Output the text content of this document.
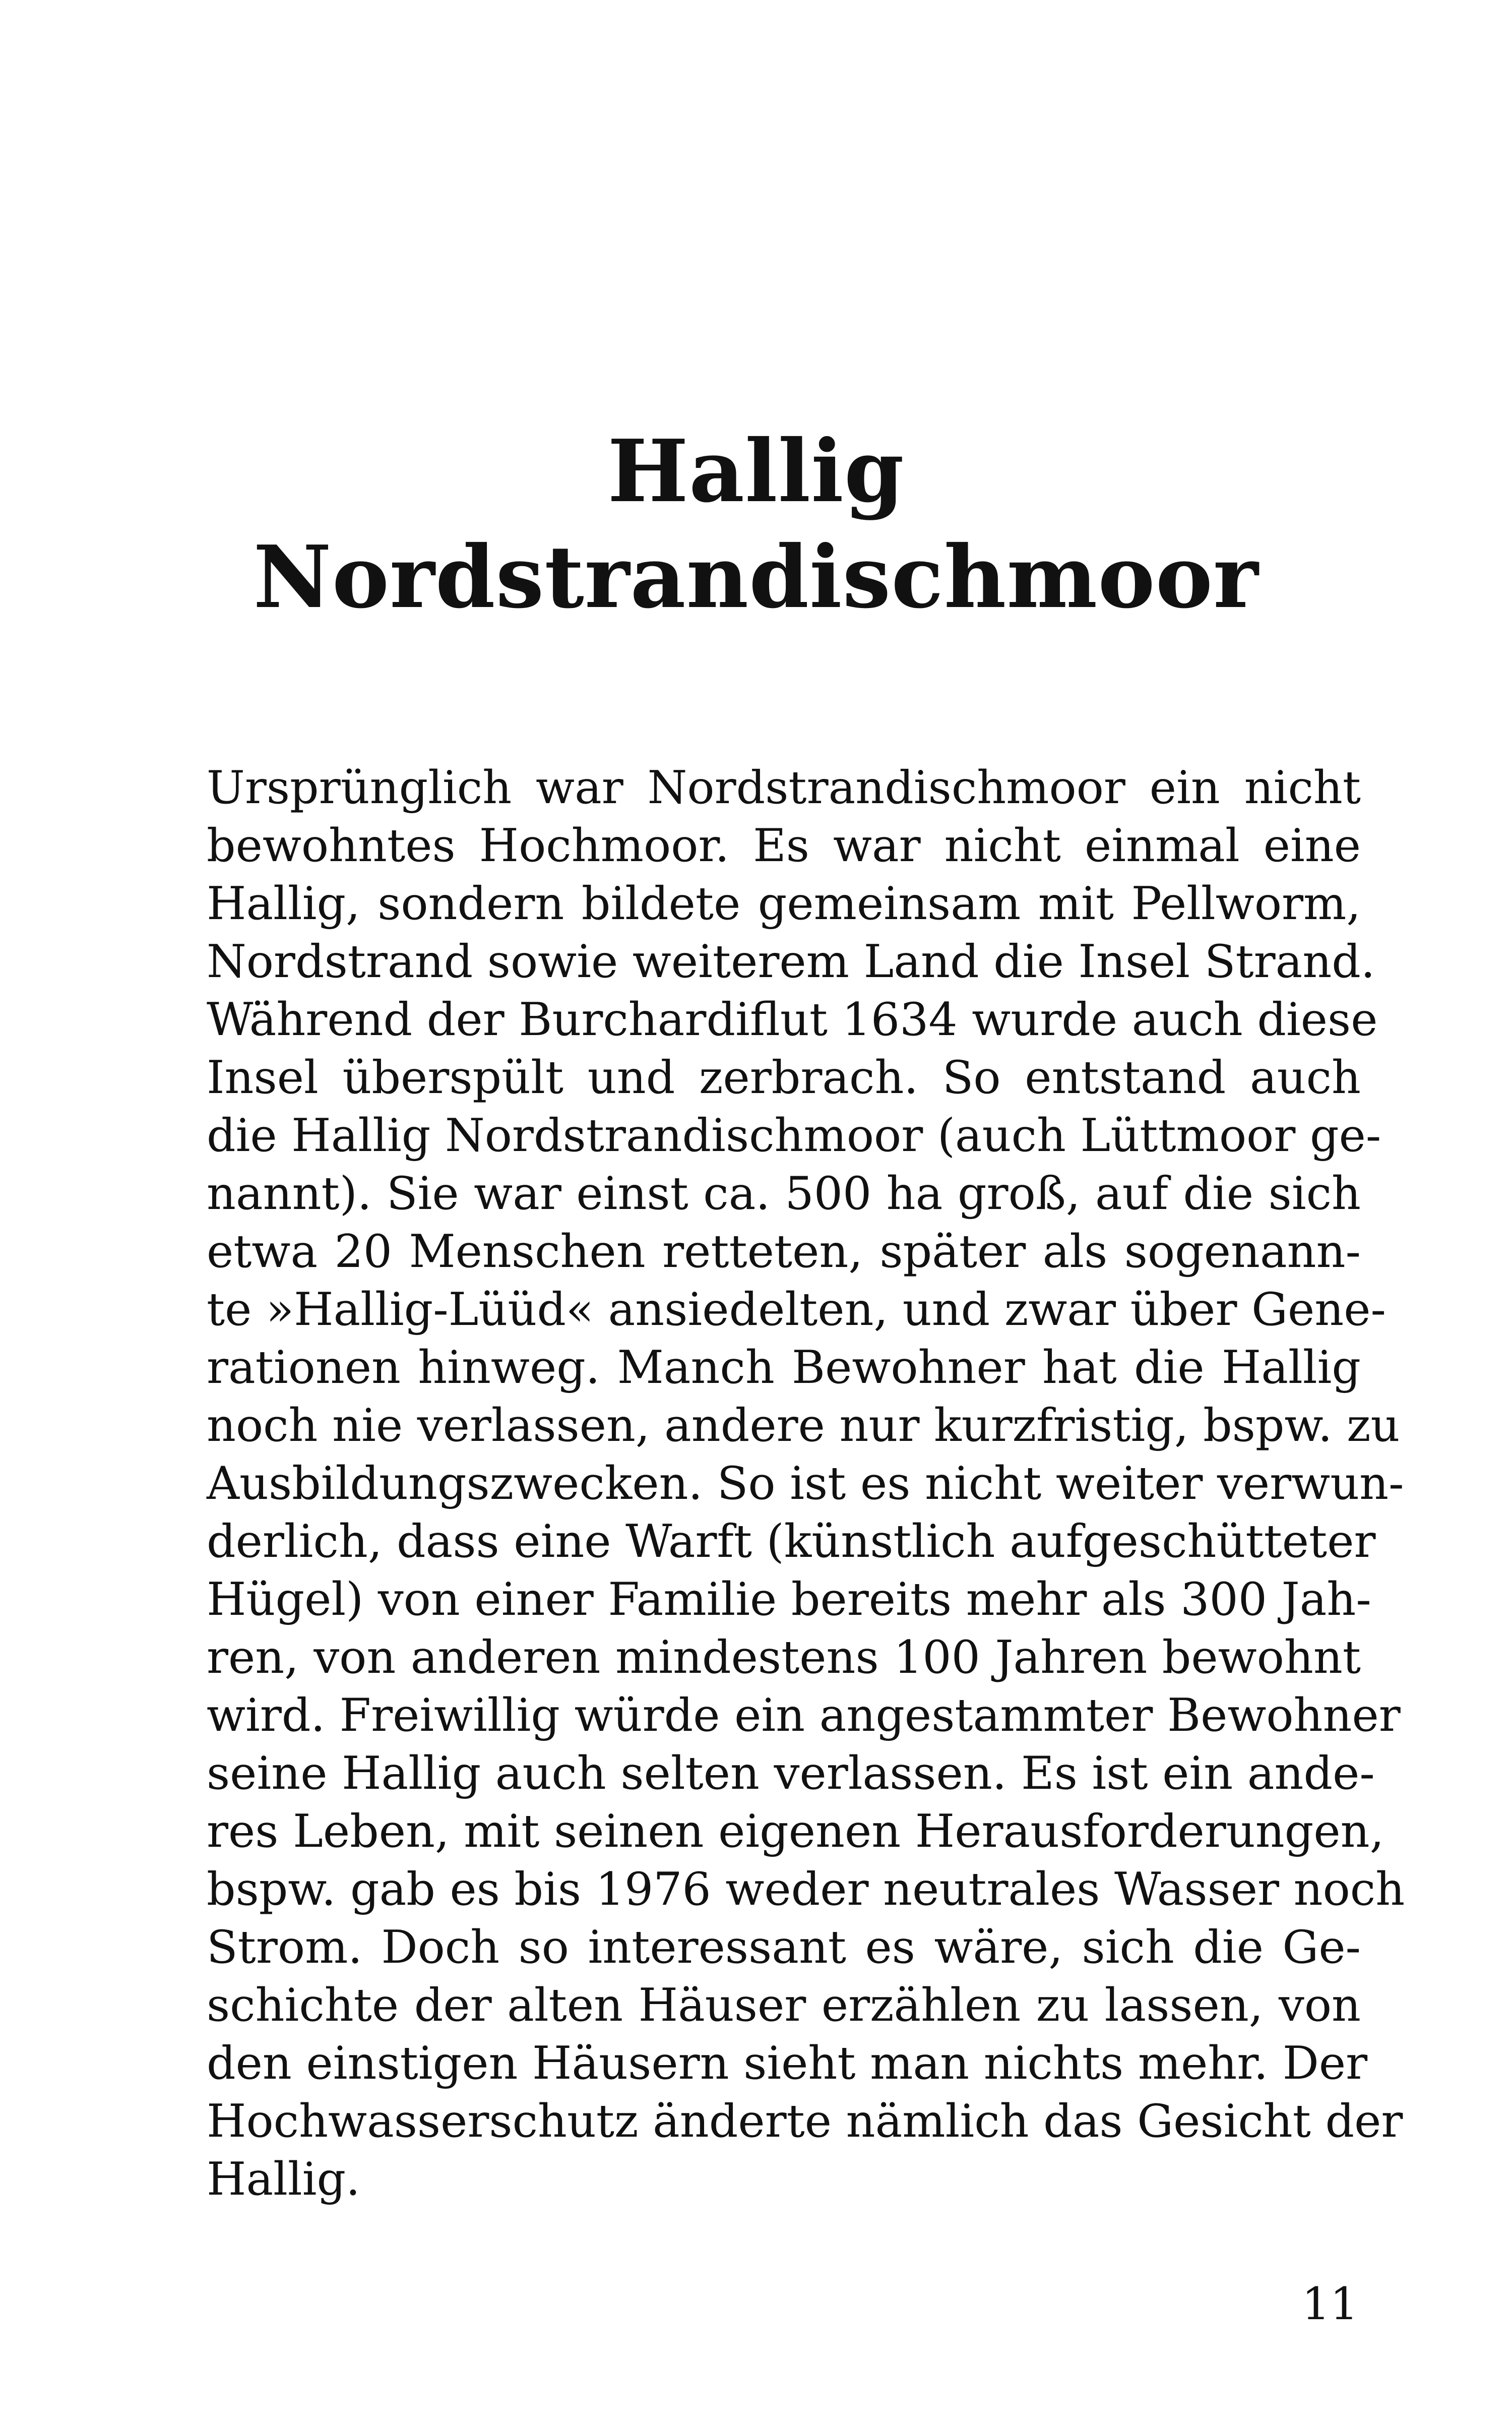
Hallig
Nordstrandischmoor
Ursprünglich war Nordstrandischmoor ein nicht
bewohntes Hochmoor. Es war nicht einmal eine
Hallig, sondern bildete gemeinsam mit Pellworm,
Nordstrand sowie weiterem Land die Insel Strand.
Während der Burchardiflut 1634 wurde auch diese
Insel überspült und zerbrach. So entstand auch
die Hallig Nordstrandischmoor (auch Lüttmoor ge-
nannt). Sie war einst ca. 500 ha groß, auf die sich
etwa 20 Menschen retteten, später als sogenann-
te »Hallig-Lüüd« ansiedelten, und zwar über Gene-
rationen hinweg. Manch Bewohner hat die Hallig
noch nie verlassen, andere nur kurzfristig, bspw. zu
Ausbildungszwecken. So ist es nicht weiter verwun-
derlich, dass eine Warft (künstlich aufgeschütteter
Hügel) von einer Familie bereits mehr als 300 Jah-
ren, von anderen mindestens 100 Jahren bewohnt
wird. Freiwillig würde ein angestammter Bewohner
seine Hallig auch selten verlassen. Es ist ein ande-
res Leben, mit seinen eigenen Herausforderungen,
bspw. gab es bis 1976 weder neutrales Wasser noch
Strom. Doch so interessant es wäre, sich die Ge-
schichte der alten Häuser erzählen zu lassen, von
den einstigen Häusern sieht man nichts mehr. Der
Hochwasserschutz änderte nämlich das Gesicht der
Hallig.
11
